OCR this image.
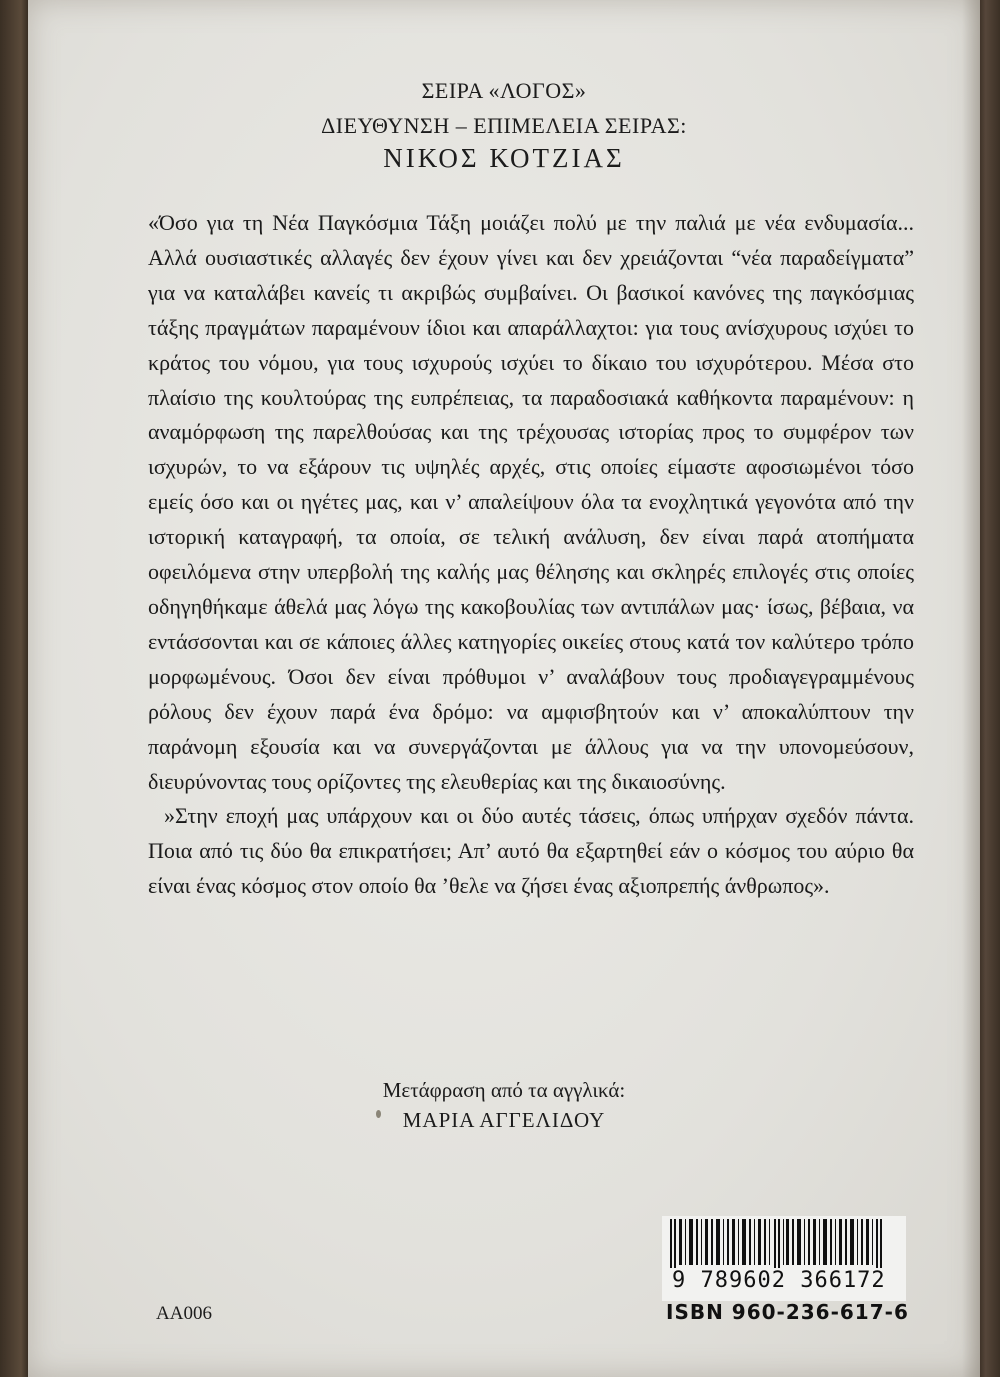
ΣΕΙΡΑ «ΛΟΓΟΣ»
ΔΙΕΥΘΥΝΣΗ – ΕΠΙΜΕΛΕΙΑ ΣΕΙΡΑΣ:
ΝΙΚΟΣ ΚΟΤΖΙΑΣ

«Όσο για τη Νέα Παγκόσμια Τάξη μοιάζει πολύ με την παλιά με νέα ενδυμασία... Αλλά ουσιαστικές αλλαγές δεν έχουν γίνει και δεν χρειάζονται “νέα παραδείγματα” για να καταλάβει κανείς τι ακριβώς συμβαίνει. Οι βασικοί κανόνες της παγκόσμιας τάξης πραγμάτων παραμένουν ίδιοι και απαράλλαχτοι: για τους ανίσχυρους ισχύει το κράτος του νόμου, για τους ισχυρούς ισχύει το δίκαιο του ισχυρότερου. Μέσα στο πλαίσιο της κουλτούρας της ευπρέπειας, τα παραδοσιακά καθήκοντα παραμένουν: η αναμόρφωση της παρελθούσας και της τρέχουσας ιστορίας προς το συμφέρον των ισχυρών, το να εξάρουν τις υψηλές αρχές, στις οποίες είμαστε αφοσιωμένοι τόσο εμείς όσο και οι ηγέτες μας, και ν’ απαλείψουν όλα τα ενοχλητικά γεγονότα από την ιστορική καταγραφή, τα οποία, σε τελική ανάλυση, δεν είναι παρά ατοπήματα οφειλόμενα στην υπερβολή της καλής μας θέλησης και σκληρές επιλογές στις οποίες οδηγηθήκαμε άθελά μας λόγω της κακοβουλίας των αντιπάλων μας· ίσως, βέβαια, να εντάσσονται και σε κάποιες άλλες κατηγορίες οικείες στους κατά τον καλύτερο τρόπο μορφωμένους. Όσοι δεν είναι πρόθυμοι ν’ αναλάβουν τους προδιαγεγραμμένους ρόλους δεν έχουν παρά ένα δρόμο: να αμφισβητούν και ν’ αποκαλύπτουν την παράνομη εξουσία και να συνεργάζονται με άλλους για να την υπονομεύσουν, διευρύνοντας τους ορίζοντες της ελευθερίας και της δικαιοσύνης.

»Στην εποχή μας υπάρχουν και οι δύο αυτές τάσεις, όπως υπήρχαν σχεδόν πάντα. Ποια από τις δύο θα επικρατήσει; Απ’ αυτό θα εξαρτηθεί εάν ο κόσμος του αύριο θα είναι ένας κόσμος στον οποίο θα ’θελε να ζήσει ένας αξιοπρεπής άνθρωπος».

Μετάφραση από τα αγγλικά:
ΜΑΡΙΑ ΑΓΓΕΛΙΔΟΥ
ΑΑ006
9 789602 366172
ISBN 960-236-617-6
